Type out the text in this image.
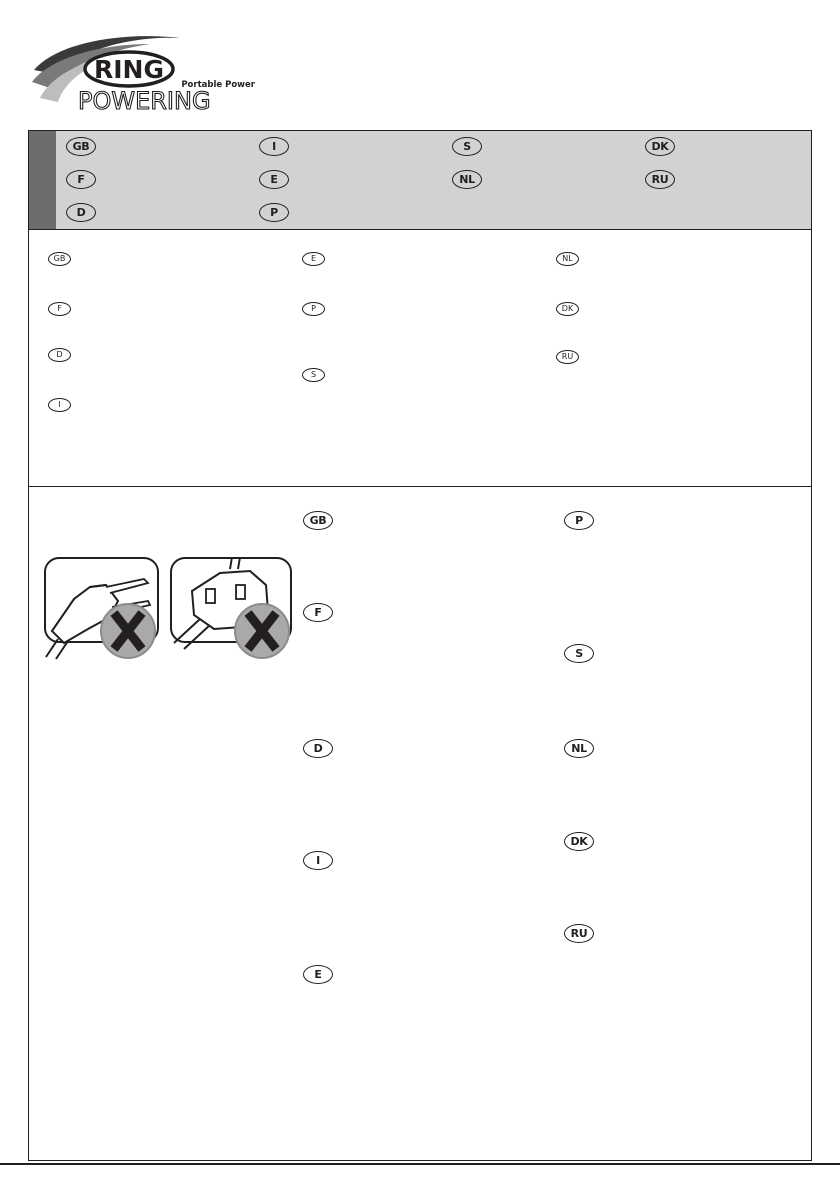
RING
Portable Power
POWERING
GB	I	S	DK
F	E	NL	RU
D	P
GB
F
D
I
E
P
S
NL
DK
RU
GB
F
D
I
E
P
S
NL
DK
RU
